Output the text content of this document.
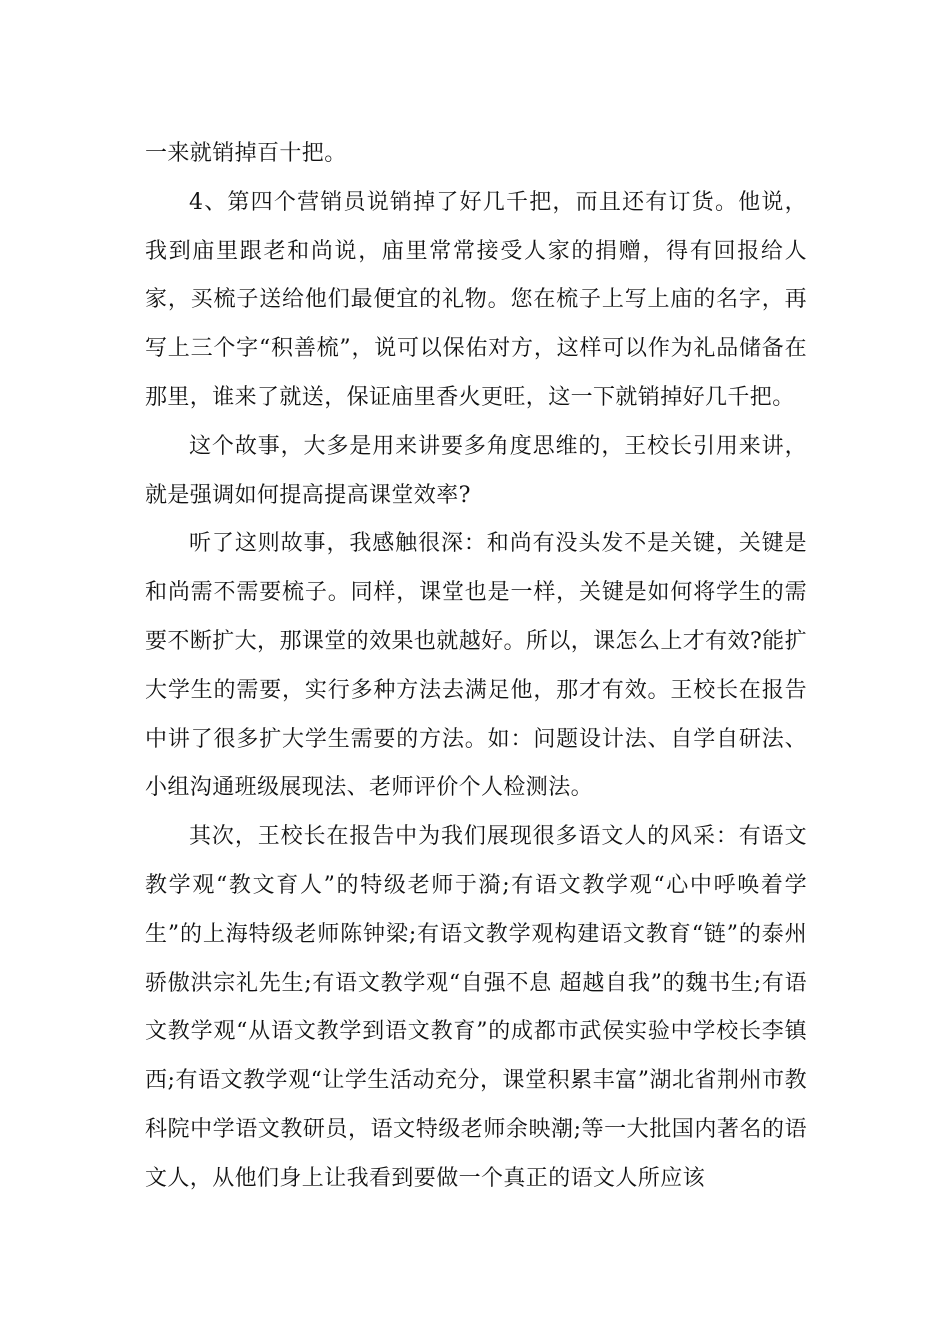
一来就销掉百十把。

4、第四个营销员说销掉了好几千把，而且还有订货。他说，我到庙里跟老和尚说，庙里常常接受人家的捐赠，得有回报给人家，买梳子送给他们最便宜的礼物。您在梳子上写上庙的名字，再写上三个字“积善梳”，说可以保佑对方，这样可以作为礼品储备在那里，谁来了就送，保证庙里香火更旺，这一下就销掉好几千把。

这个故事，大多是用来讲要多角度思维的，王校长引用来讲，就是强调如何提高提高课堂效率?

听了这则故事，我感触很深：和尚有没头发不是关键，关键是和尚需不需要梳子。同样，课堂也是一样，关键是如何将学生的需要不断扩大，那课堂的效果也就越好。所以，课怎么上才有效?能扩大学生的需要，实行多种方法去满足他，那才有效。王校长在报告中讲了很多扩大学生需要的方法。如：问题设计法、自学自研法、小组沟通班级展现法、老师评价个人检测法。

其次，王校长在报告中为我们展现很多语文人的风采：有语文教学观“教文育人”的特级老师于漪;有语文教学观“心中呼唤着学生”的上海特级老师陈钟梁;有语文教学观构建语文教育“链”的泰州骄傲洪宗礼先生;有语文教学观“自强不息 超越自我”的魏书生;有语文教学观“从语文教学到语文教育”的成都市武侯实验中学校长李镇西;有语文教学观“让学生活动充分，课堂积累丰富”湖北省荆州市教科院中学语文教研员，语文特级老师余映潮;等一大批国内著名的语文人，从他们身上让我看到要做一个真正的语文人所应该
